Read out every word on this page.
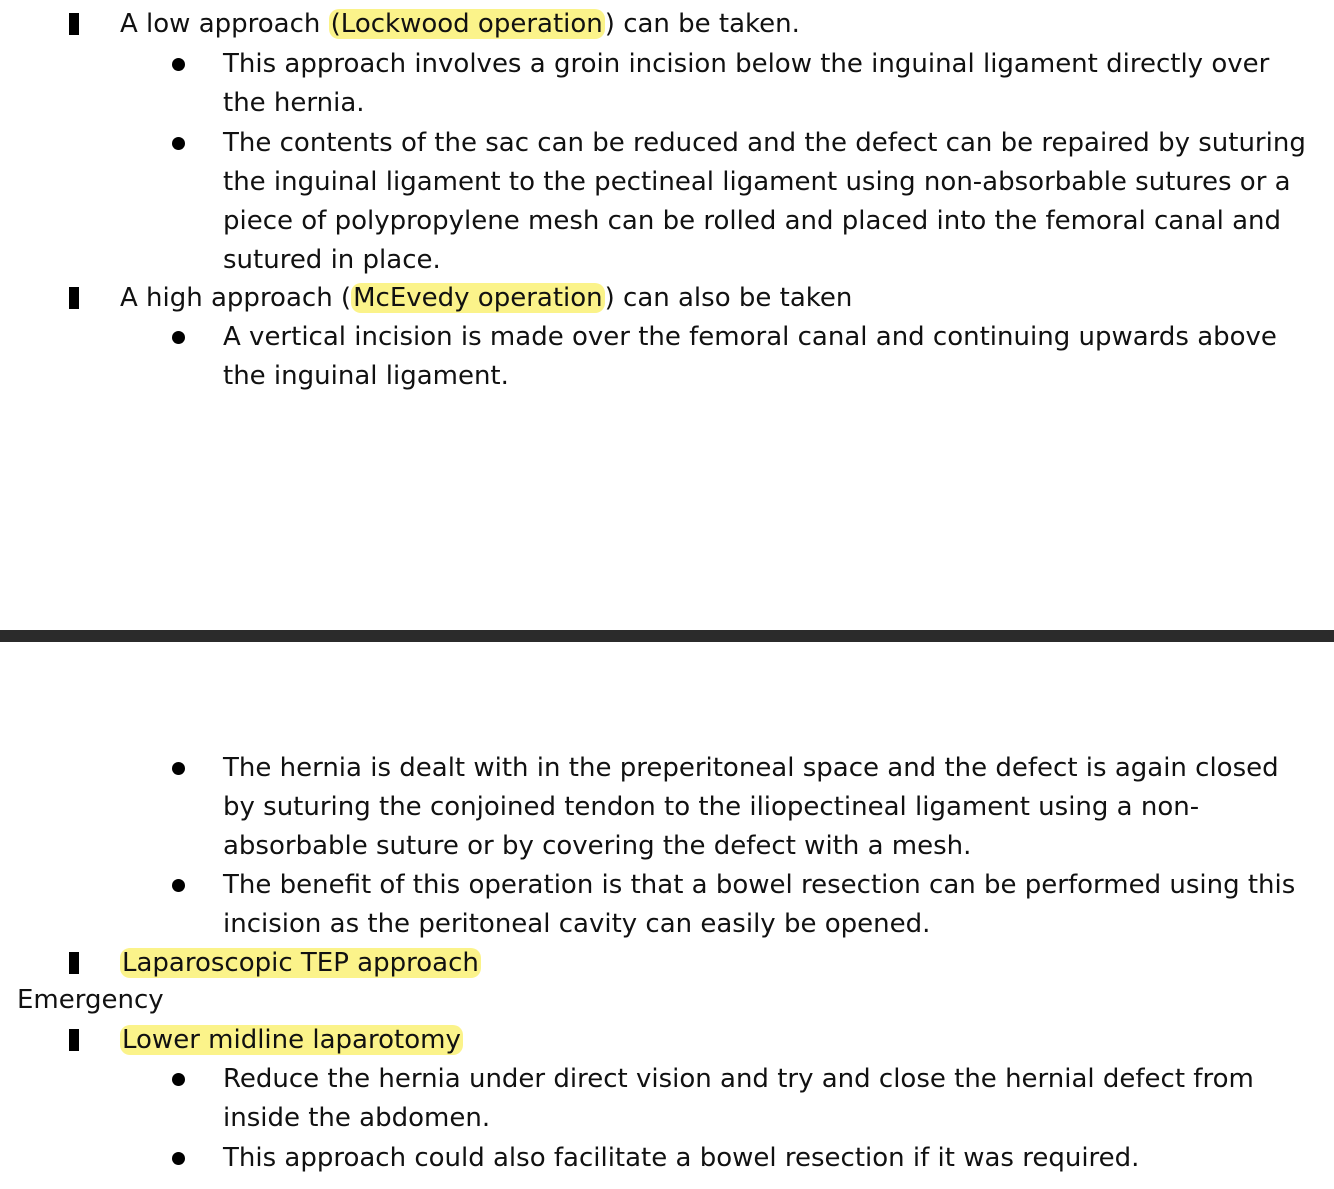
A low approach (Lockwood operation) can be taken.
This approach involves a groin incision below the inguinal ligament directly over the hernia.
The contents of the sac can be reduced and the defect can be repaired by suturing the inguinal ligament to the pectineal ligament using non-absorbable sutures or a piece of polypropylene mesh can be rolled and placed into the femoral canal and sutured in place.
A high approach (McEvedy operation) can also be taken
A vertical incision is made over the femoral canal and continuing upwards above the inguinal ligament.
The hernia is dealt with in the preperitoneal space and the defect is again closed by suturing the conjoined tendon to the iliopectineal ligament using a non-absorbable suture or by covering the defect with a mesh.
The benefit of this operation is that a bowel resection can be performed using this incision as the peritoneal cavity can easily be opened.
Laparoscopic TEP approach
Emergency
Lower midline laparotomy
Reduce the hernia under direct vision and try and close the hernial defect from inside the abdomen.
This approach could also facilitate a bowel resection if it was required.
